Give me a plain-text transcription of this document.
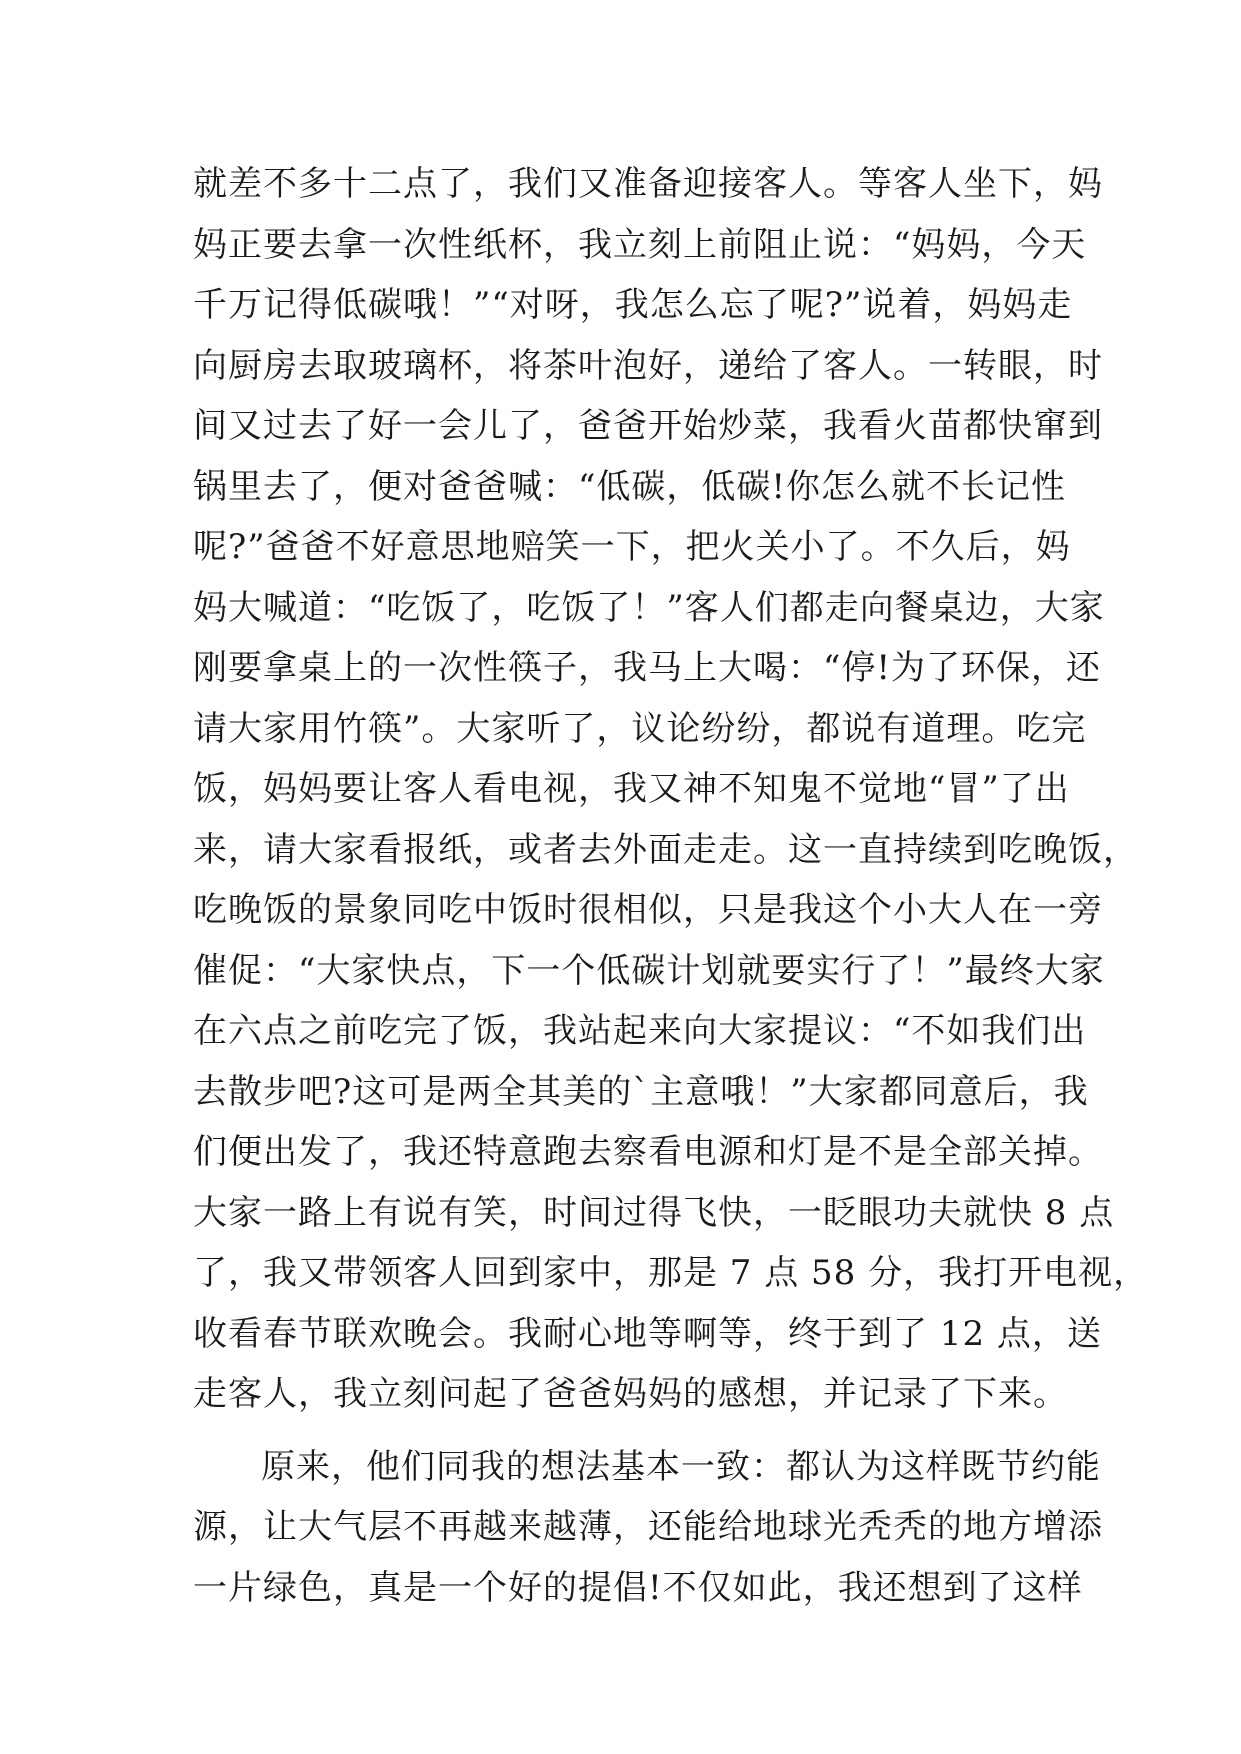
就差不多十二点了，我们又准备迎接客人。等客人坐下，妈
妈正要去拿一次性纸杯，我立刻上前阻止说：“妈妈，今天
千万记得低碳哦！”“对呀，我怎么忘了呢?”说着，妈妈走
向厨房去取玻璃杯，将茶叶泡好，递给了客人。一转眼，时
间又过去了好一会儿了，爸爸开始炒菜，我看火苗都快窜到
锅里去了，便对爸爸喊：“低碳，低碳!你怎么就不长记性
呢?”爸爸不好意思地赔笑一下，把火关小了。不久后，妈
妈大喊道：“吃饭了，吃饭了！”客人们都走向餐桌边，大家
刚要拿桌上的一次性筷子，我马上大喝：“停!为了环保，还
请大家用竹筷”。大家听了，议论纷纷，都说有道理。吃完
饭，妈妈要让客人看电视，我又神不知鬼不觉地“冒”了出
来，请大家看报纸，或者去外面走走。这一直持续到吃晚饭，
吃晚饭的景象同吃中饭时很相似，只是我这个小大人在一旁
催促：“大家快点，下一个低碳计划就要实行了！”最终大家
在六点之前吃完了饭，我站起来向大家提议：“不如我们出
去散步吧?这可是两全其美的`主意哦！”大家都同意后，我
们便出发了，我还特意跑去察看电源和灯是不是全部关掉。
大家一路上有说有笑，时间过得飞快，一眨眼功夫就快 8 点
了，我又带领客人回到家中，那是 7 点 58 分，我打开电视，
收看春节联欢晚会。我耐心地等啊等，终于到了 12 点，送
走客人，我立刻问起了爸爸妈妈的感想，并记录了下来。
原来，他们同我的想法基本一致：都认为这样既节约能
源，让大气层不再越来越薄，还能给地球光秃秃的地方增添
一片绿色，真是一个好的提倡!不仅如此，我还想到了这样
